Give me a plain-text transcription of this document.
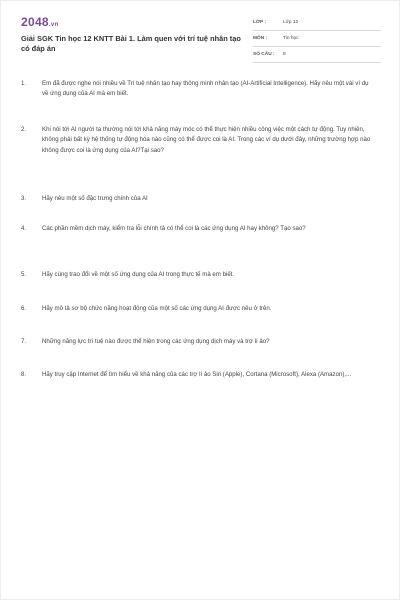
2048.vn
Giải SGK Tin học 12 KNTT Bài 1. Làm quen với trí tuệ nhân tạo có đáp án
LỚP :	Lớp 12
MÔN :	Tin học
SỐ CÂU :	8
1.	Em đã được nghe nói nhiều về Trí tuệ nhân tạo hay thông minh nhân tạo (AI-Artificial Intelligence). Hãy nêu một vài ví dụ về ứng dụng của AI mà em biết.
2.	Khi nói tới AI người ta thường nói tới khả năng máy móc có thể thực hiện nhiều công việc một cách tự động. Tuy nhiên, không phải bất kỳ hệ thống tự động hóa nào cũng có thể được coi là AI. Trong các ví dụ dưới đây, những trường hợp nào không được coi là ứng dụng của AI?Tại sao?
3.	Hãy nêu một số đặc trưng chính của AI
4.	Các phần mềm dịch máy, kiểm tra lỗi chính tả có thể coi là các ứng dụng AI hay không? Tạo sao?
5.	Hãy cùng trao đổi về một số ứng dụng của AI trong thực tế mà em biết.
6.	Hãy mô tả sơ bộ chức năng hoạt động của một số các ứng dụng AI được nêu ở trên.
7.	Những năng lực trí tuệ nào được thể hiện trong các ứng dụng dịch máy và trợ lí ảo?
8.	Hãy truy cập Internet để tìm hiểu về khả năng của các trợ lí ảo Siri (Apple), Cortana (Microsoft), Alexa (Amazon),...
